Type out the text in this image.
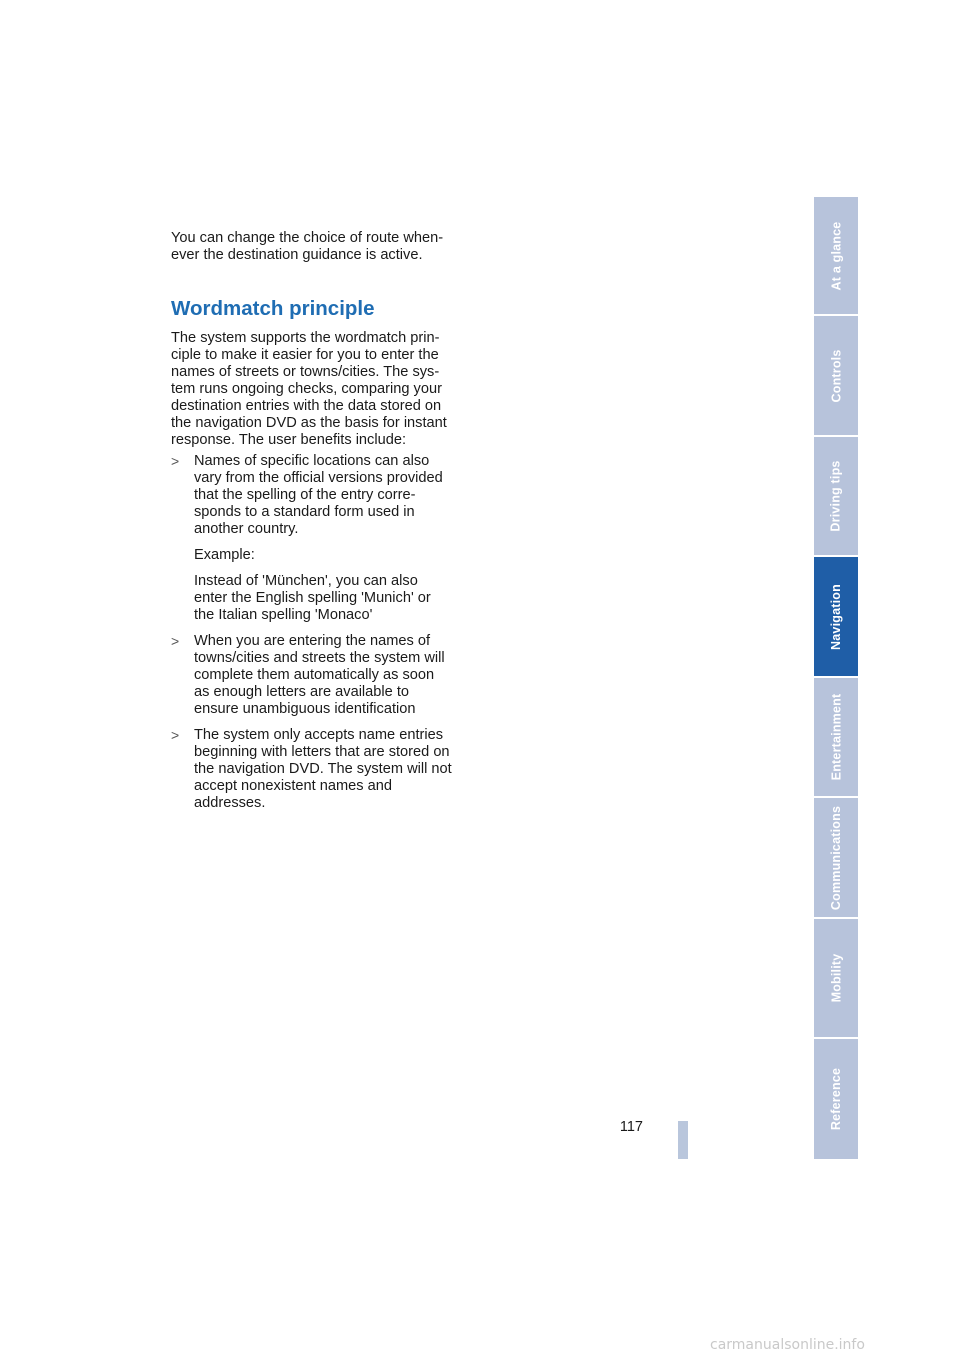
You can change the choice of route when-
ever the destination guidance is active.

Wordmatch principle

The system supports the wordmatch prin-
ciple to make it easier for you to enter the
names of streets or towns/cities. The sys-
tem runs ongoing checks, comparing your
destination entries with the data stored on
the navigation DVD as the basis for instant
response. The user benefits include:

> Names of specific locations can also
vary from the official versions provided
that the spelling of the entry corre-
sponds to a standard form used in
another country.

Example:

Instead of 'München', you can also
enter the English spelling 'Munich' or
the Italian spelling 'Monaco'

> When you are entering the names of
towns/cities and streets the system will
complete them automatically as soon
as enough letters are available to
ensure unambiguous identification

> The system only accepts name entries
beginning with letters that are stored on
the navigation DVD. The system will not
accept nonexistent names and
addresses.

117
At a glance
Controls
Driving tips
Navigation
Entertainment
Communications
Mobility
Reference
carmanualsonline.info
